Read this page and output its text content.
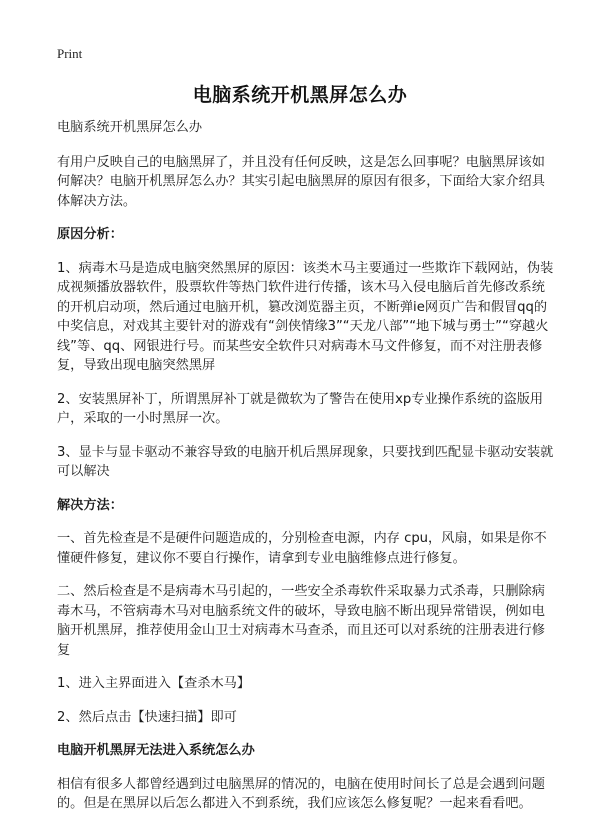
Print
电脑系统开机黑屏怎么办

电脑系统开机黑屏怎么办

有用户反映自己的电脑黑屏了，并且没有任何反映，这是怎么回事呢？电脑黑屏该如何解决？电脑开机黑屏怎么办？其实引起电脑黑屏的原因有很多，下面给大家介绍具体解决方法。

原因分析：

1、病毒木马是造成电脑突然黑屏的原因：该类木马主要通过一些欺诈下载网站，伪装成视频播放器软件，股票软件等热门软件进行传播，该木马入侵电脑后首先修改系统的开机启动项，然后通过电脑开机，篡改浏览器主页，不断弹ie网页广告和假冒qq的中奖信息，对戏其主要针对的游戏有“剑侠情缘3”“天龙八部”“地下城与勇士”“穿越火线”等、qq、网银进行号。而某些安全软件只对病毒木马文件修复，而不对注册表修复，导致出现电脑突然黑屏

2、安装黑屏补丁，所谓黑屏补丁就是微软为了警告在使用xp专业操作系统的盗版用户，采取的一小时黑屏一次。

3、显卡与显卡驱动不兼容导致的电脑开机后黑屏现象，只要找到匹配显卡驱动安装就可以解决

解决方法：

一、首先检查是不是硬件问题造成的，分别检查电源，内存 cpu，风扇，如果是你不懂硬件修复，建议你不要自行操作，请拿到专业电脑维修点进行修复。

二、然后检查是不是病毒木马引起的，一些安全杀毒软件采取暴力式杀毒，只删除病毒木马，不管病毒木马对电脑系统文件的破坏，导致电脑不断出现异常错误，例如电脑开机黑屏，推荐使用金山卫士对病毒木马查杀，而且还可以对系统的注册表进行修复

1、进入主界面进入【查杀木马】

2、然后点击【快速扫描】即可

电脑开机黑屏无法进入系统怎么办

相信有很多人都曾经遇到过电脑黑屏的情况的，电脑在使用时间长了总是会遇到问题的。但是在黑屏以后怎么都进入不到系统，我们应该怎么修复呢？一起来看看吧。
